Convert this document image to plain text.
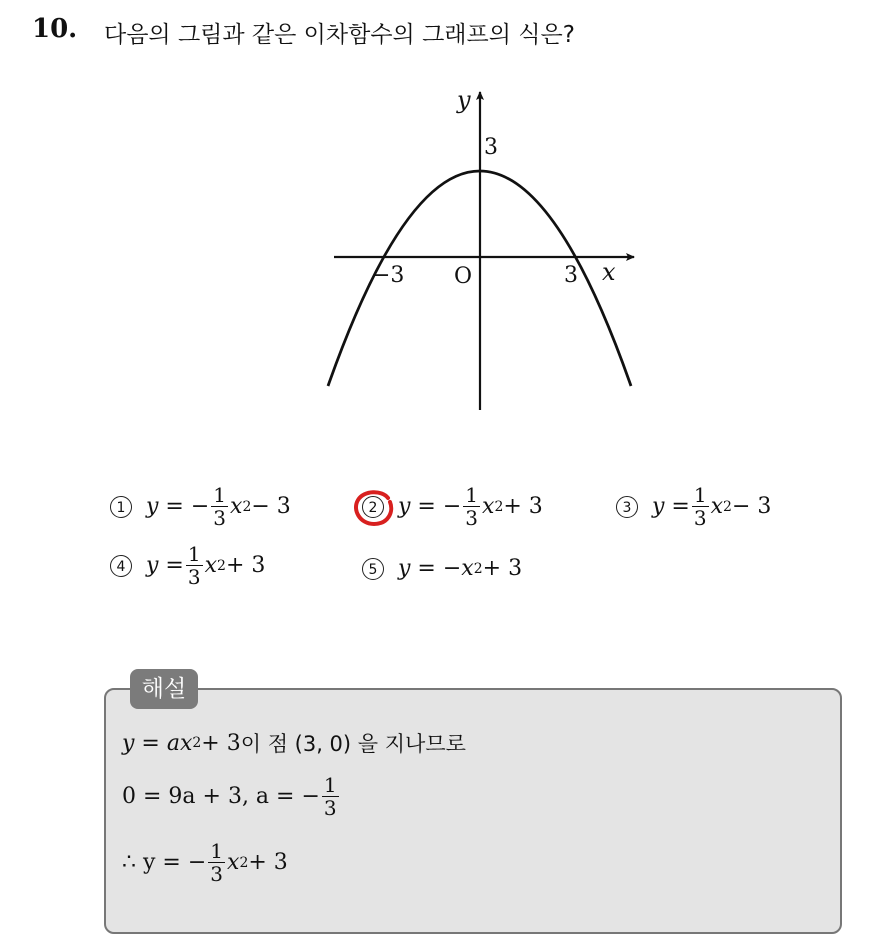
10. 다음의 그림과 같은 이차함수의 그래프의 식은?
y
3
O
−3	3 x
1 y = − $\frac{1}{3}$ x 2 − 3	2 y = − $\frac{1}{3}$ x 2 + 3	3 $y = \frac{1}{3}$ x 2 − 3
4 $y = \frac{1}{3}$ x 2 + 3	5 y = − x 2 + 3
해설
y = ax 2 + 3 이 점 (3, 0) 을 지나므로
0 = 9a + 3, a = − $\frac{1}{3}$
∴ y = − $\frac{1}{3}$ x 2 + 3
